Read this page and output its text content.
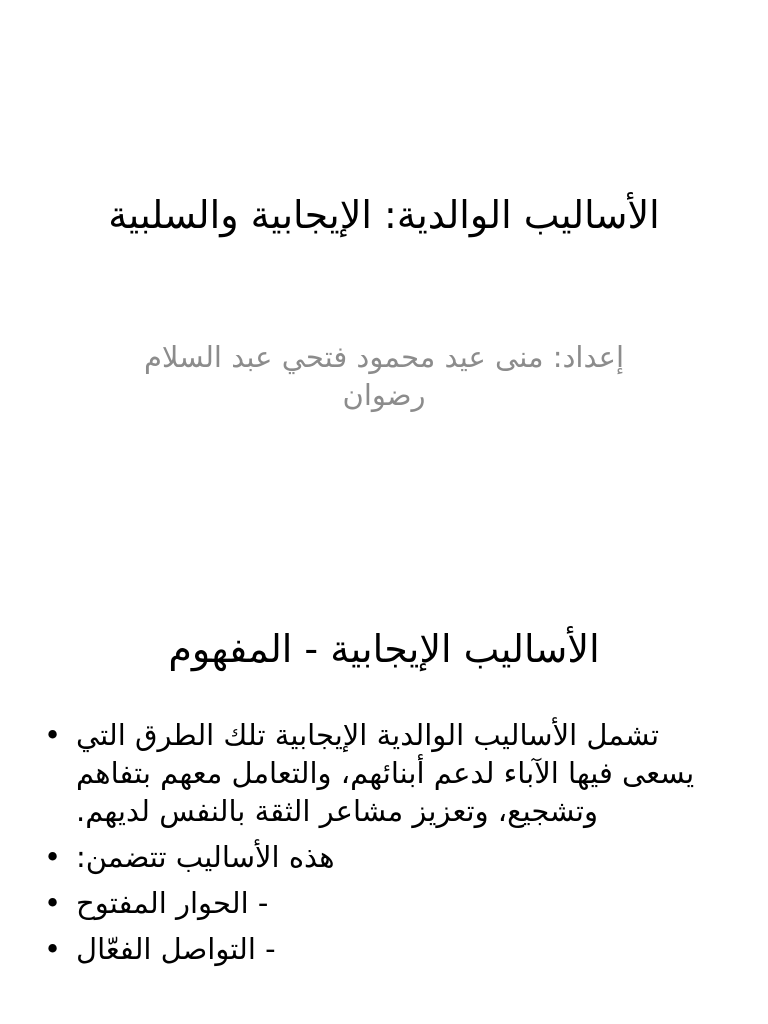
الأساليب الوالدية: الإيجابية والسلبية

إعداد: منى عيد محمود فتحي عبد السلام رضوان

الأساليب الإيجابية - المفهوم
• تشمل الأساليب الوالدية الإيجابية تلك الطرق التي يسعى فيها الآباء لدعم أبنائهم، والتعامل معهم بتفاهم وتشجيع، وتعزيز مشاعر الثقة بالنفس لديهم.
• هذه الأساليب تتضمن:
• - الحوار المفتوح
• - التواصل الفعّال
